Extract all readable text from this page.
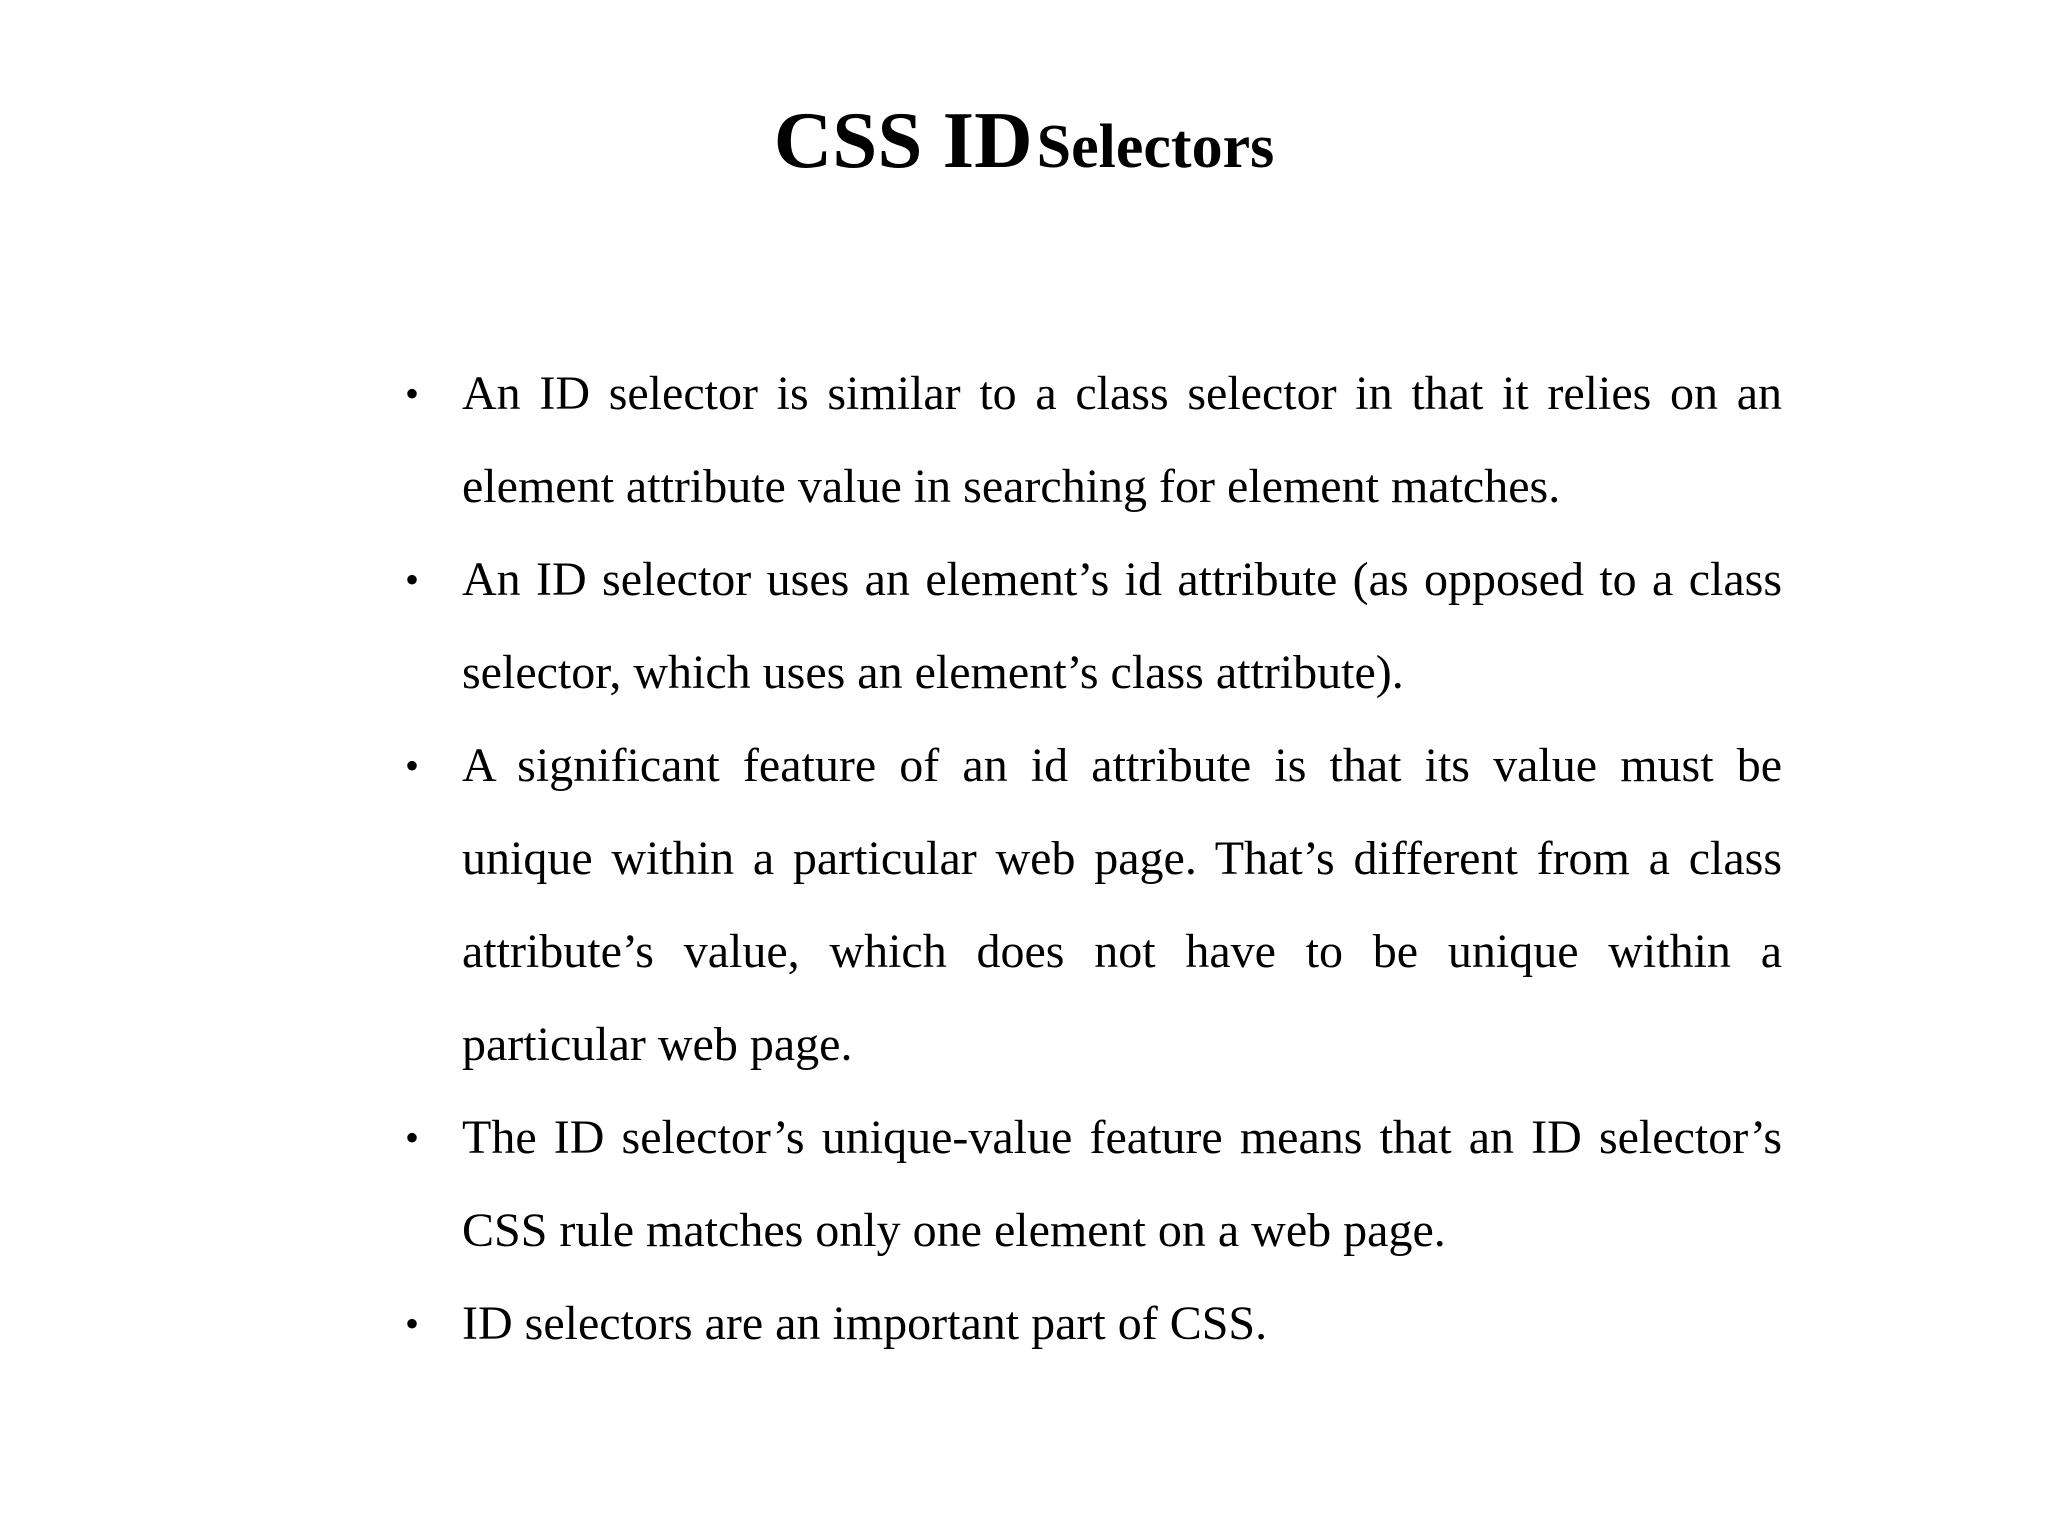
CSS ID Selectors
• An ID selector is similar to a class selector in that it relies on an element attribute value in searching for element matches.
• An ID selector uses an element’s id attribute (as opposed to a class selector, which uses an element’s class attribute).
• A significant feature of an id attribute is that its value must be unique within a particular web page. That’s different from a class attribute’s value, which does not have to be unique within a particular web page.
• The ID selector’s unique-value feature means that an ID selector’s CSS rule matches only one element on a web page.
• ID selectors are an important part of CSS.
